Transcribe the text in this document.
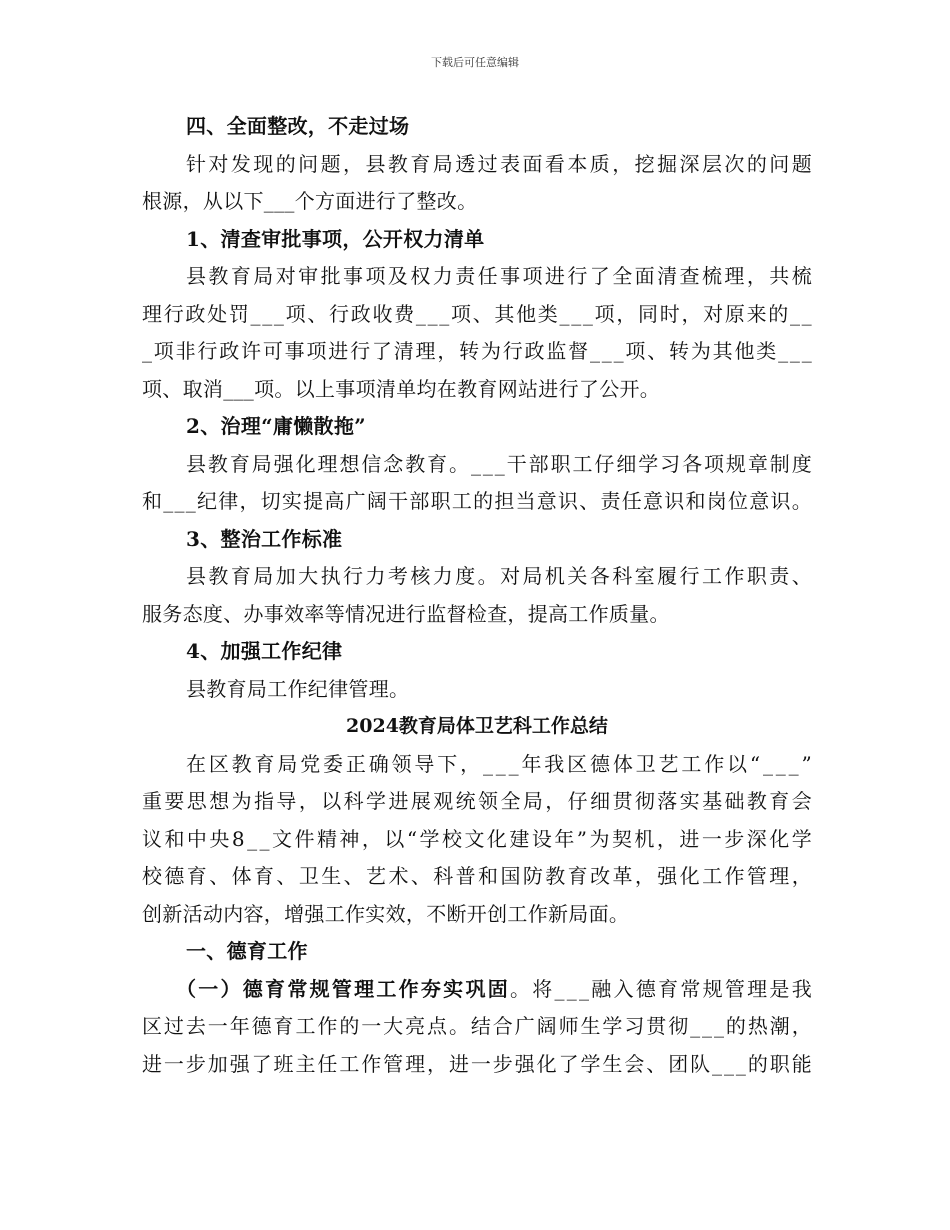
下载后可任意编辑
四、全面整改，不走过场
针对发现的问题，县教育局透过表面看本质，挖掘深层次的问题
根源，从以下___个方面进行了整改。
1、清查审批事项，公开权力清单
县教育局对审批事项及权力责任事项进行了全面清查梳理，共梳
理行政处罚___项、行政收费___项、其他类___项，同时，对原来的__
_项非行政许可事项进行了清理，转为行政监督___项、转为其他类___
项、取消___项。以上事项清单均在教育网站进行了公开。
2、治理“庸懒散拖”
县教育局强化理想信念教育。___干部职工仔细学习各项规章制度
和___纪律，切实提高广阔干部职工的担当意识、责任意识和岗位意识。
3、整治工作标准
县教育局加大执行力考核力度。对局机关各科室履行工作职责、
服务态度、办事效率等情况进行监督检查，提高工作质量。
4、加强工作纪律
县教育局工作纪律管理。
2024教育局体卫艺科工作总结
在区教育局党委正确领导下，___年我区德体卫艺工作以“___”
重要思想为指导，以科学进展观统领全局，仔细贯彻落实基础教育会
议和中央8__文件精神，以“学校文化建设年”为契机，进一步深化学
校德育、体育、卫生、艺术、科普和国防教育改革，强化工作管理，
创新活动内容，增强工作实效，不断开创工作新局面。
一、德育工作
（一）德育常规管理工作夯实巩固。将___融入德育常规管理是我
区过去一年德育工作的一大亮点。结合广阔师生学习贯彻___的热潮，
进一步加强了班主任工作管理，进一步强化了学生会、团队___的职能
